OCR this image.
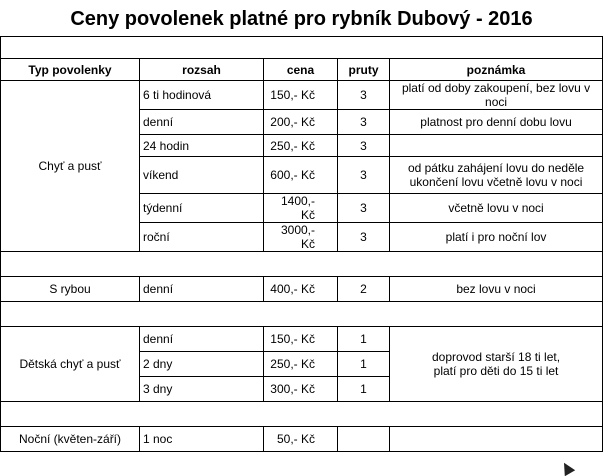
Ceny povolenek platné pro rybník Dubový - 2016

Typ povolenky	rozsah	cena	pruty	poznámka
Chyť a pusť	6 ti hodinová	150,- Kč	3	platí od doby zakoupení, bez lovu v noci
	denní	200,- Kč	3	platnost pro denní dobu lovu
	24 hodin	250,- Kč	3	
	víkend	600,- Kč	3	od pátku zahájení lovu do neděle
ukončení lovu včetně lovu v noci

	týdenní	1400,- Kč	3	včetně lovu v noci
	roční	3000,- Kč	3	platí i pro noční lov

S rybou	denní	400,- Kč	2	bez lovu v noci

Dětská chyť a pusť	denní	150,- Kč	1	doprovod starší 18 ti let,
platí pro děti do 15 ti let

	2 dny	250,- Kč	1	
	3 dny	300,- Kč	1	

Noční (květen-září)	1 noc	50,- Kč		
